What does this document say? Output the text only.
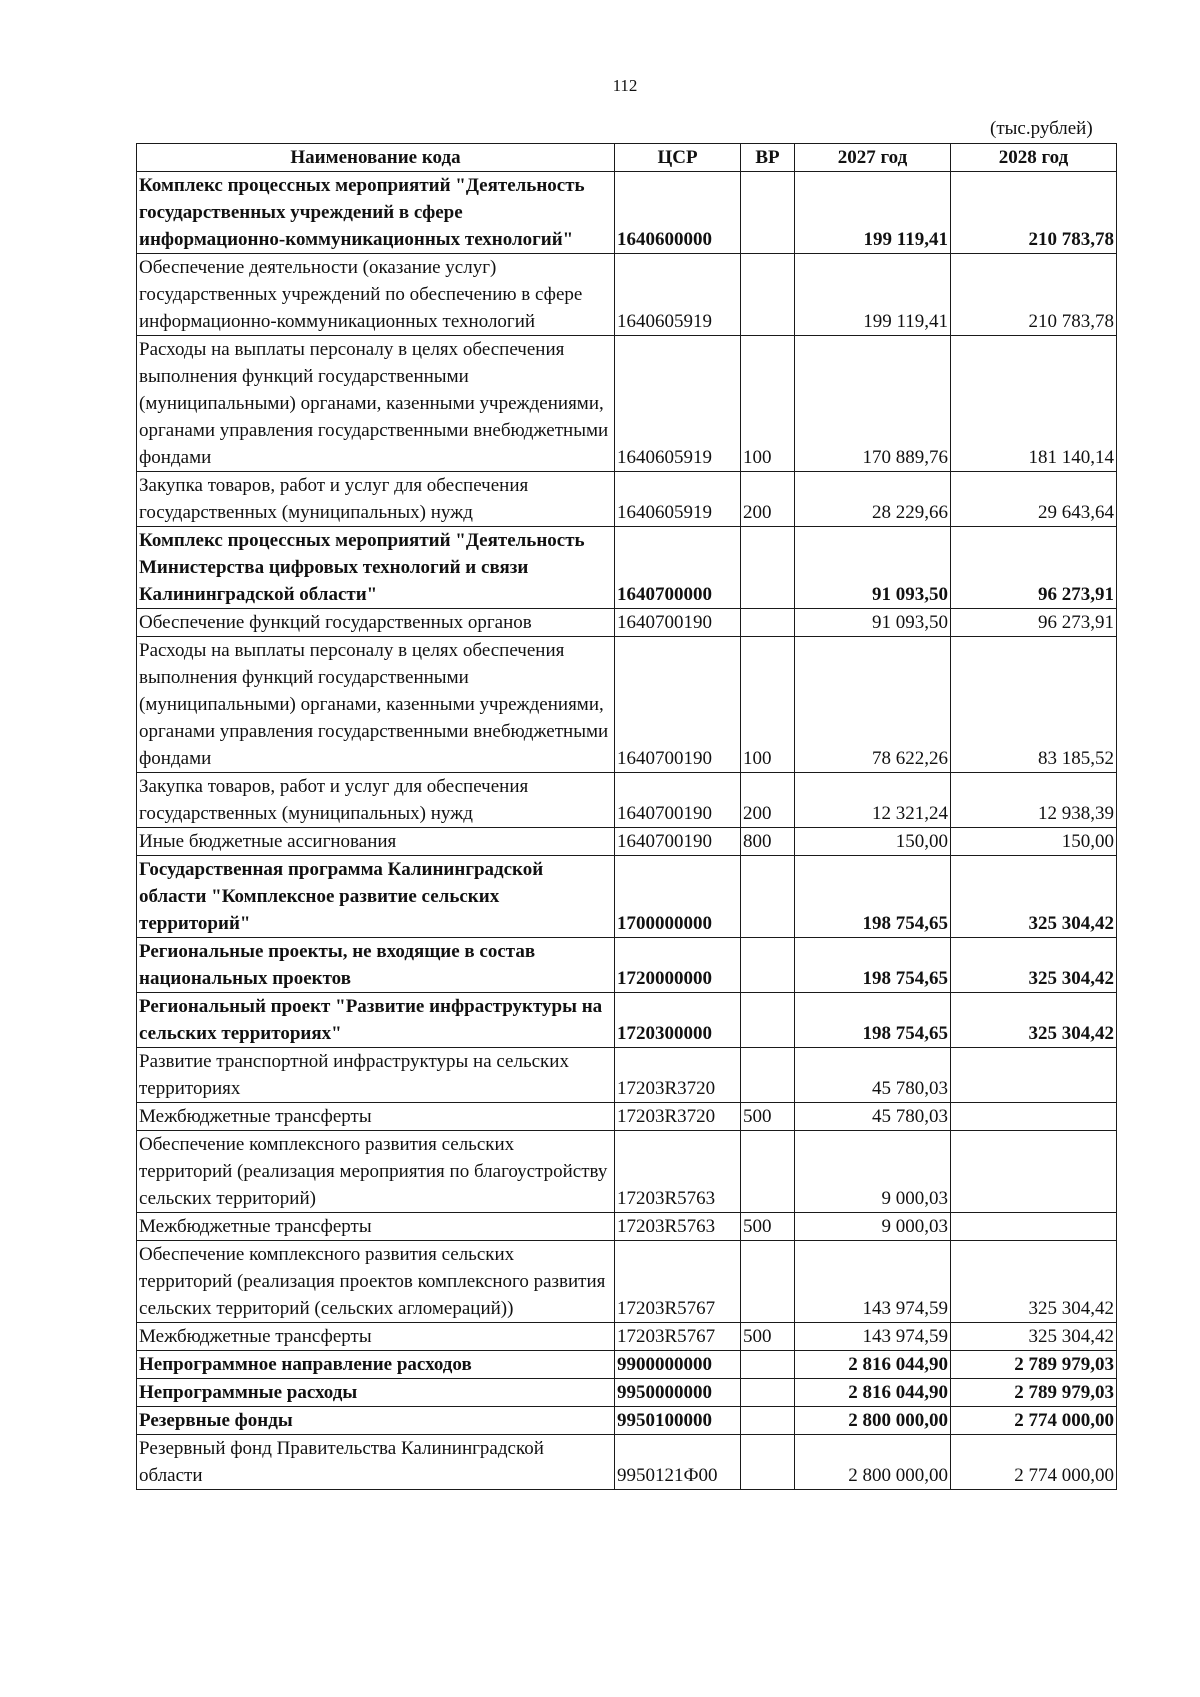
112
(тыс.рублей)
Наименование кода	ЦСР	ВР	2027 год	2028 год
Комплекс процессных мероприятий "Деятельность государственных учреждений в сфере информационно-коммуникационных технологий"	1640600000		199 119,41	210 783,78
Обеспечение деятельности (оказание услуг) государственных учреждений по обеспечению в сфере информационно-коммуникационных технологий	1640605919		199 119,41	210 783,78
Расходы на выплаты персоналу в целях обеспечения выполнения функций государственными (муниципальными) органами, казенными учреждениями, органами управления государственными внебюджетными фондами	1640605919	100	170 889,76	181 140,14
Закупка товаров, работ и услуг для обеспечения государственных (муниципальных) нужд	1640605919	200	28 229,66	29 643,64
Комплекс процессных мероприятий "Деятельность Министерства цифровых технологий и связи Калининградской области"	1640700000		91 093,50	96 273,91
Обеспечение функций государственных органов	1640700190		91 093,50	96 273,91
Расходы на выплаты персоналу в целях обеспечения выполнения функций государственными (муниципальными) органами, казенными учреждениями, органами управления государственными внебюджетными фондами	1640700190	100	78 622,26	83 185,52
Закупка товаров, работ и услуг для обеспечения государственных (муниципальных) нужд	1640700190	200	12 321,24	12 938,39
Иные бюджетные ассигнования	1640700190	800	150,00	150,00
Государственная программа Калининградской области "Комплексное развитие сельских территорий"	1700000000		198 754,65	325 304,42
Региональные проекты, не входящие в состав национальных проектов	1720000000		198 754,65	325 304,42
Региональный проект "Развитие инфраструктуры на сельских территориях"	1720300000		198 754,65	325 304,42
Развитие транспортной инфраструктуры на сельских территориях	17203R3720		45 780,03	
Межбюджетные трансферты	17203R3720	500	45 780,03	
Обеспечение комплексного развития сельских территорий (реализация мероприятия по благоустройству сельских территорий)	17203R5763		9 000,03	
Межбюджетные трансферты	17203R5763	500	9 000,03	
Обеспечение комплексного развития сельских территорий (реализация проектов комплексного развития сельских территорий (сельских агломераций))	17203R5767		143 974,59	325 304,42
Межбюджетные трансферты	17203R5767	500	143 974,59	325 304,42
Непрограммное направление расходов	9900000000		2 816 044,90	2 789 979,03
Непрограммные расходы	9950000000		2 816 044,90	2 789 979,03
Резервные фонды	9950100000		2 800 000,00	2 774 000,00
Резервный фонд Правительства Калининградской области	9950121Ф00		2 800 000,00	2 774 000,00
